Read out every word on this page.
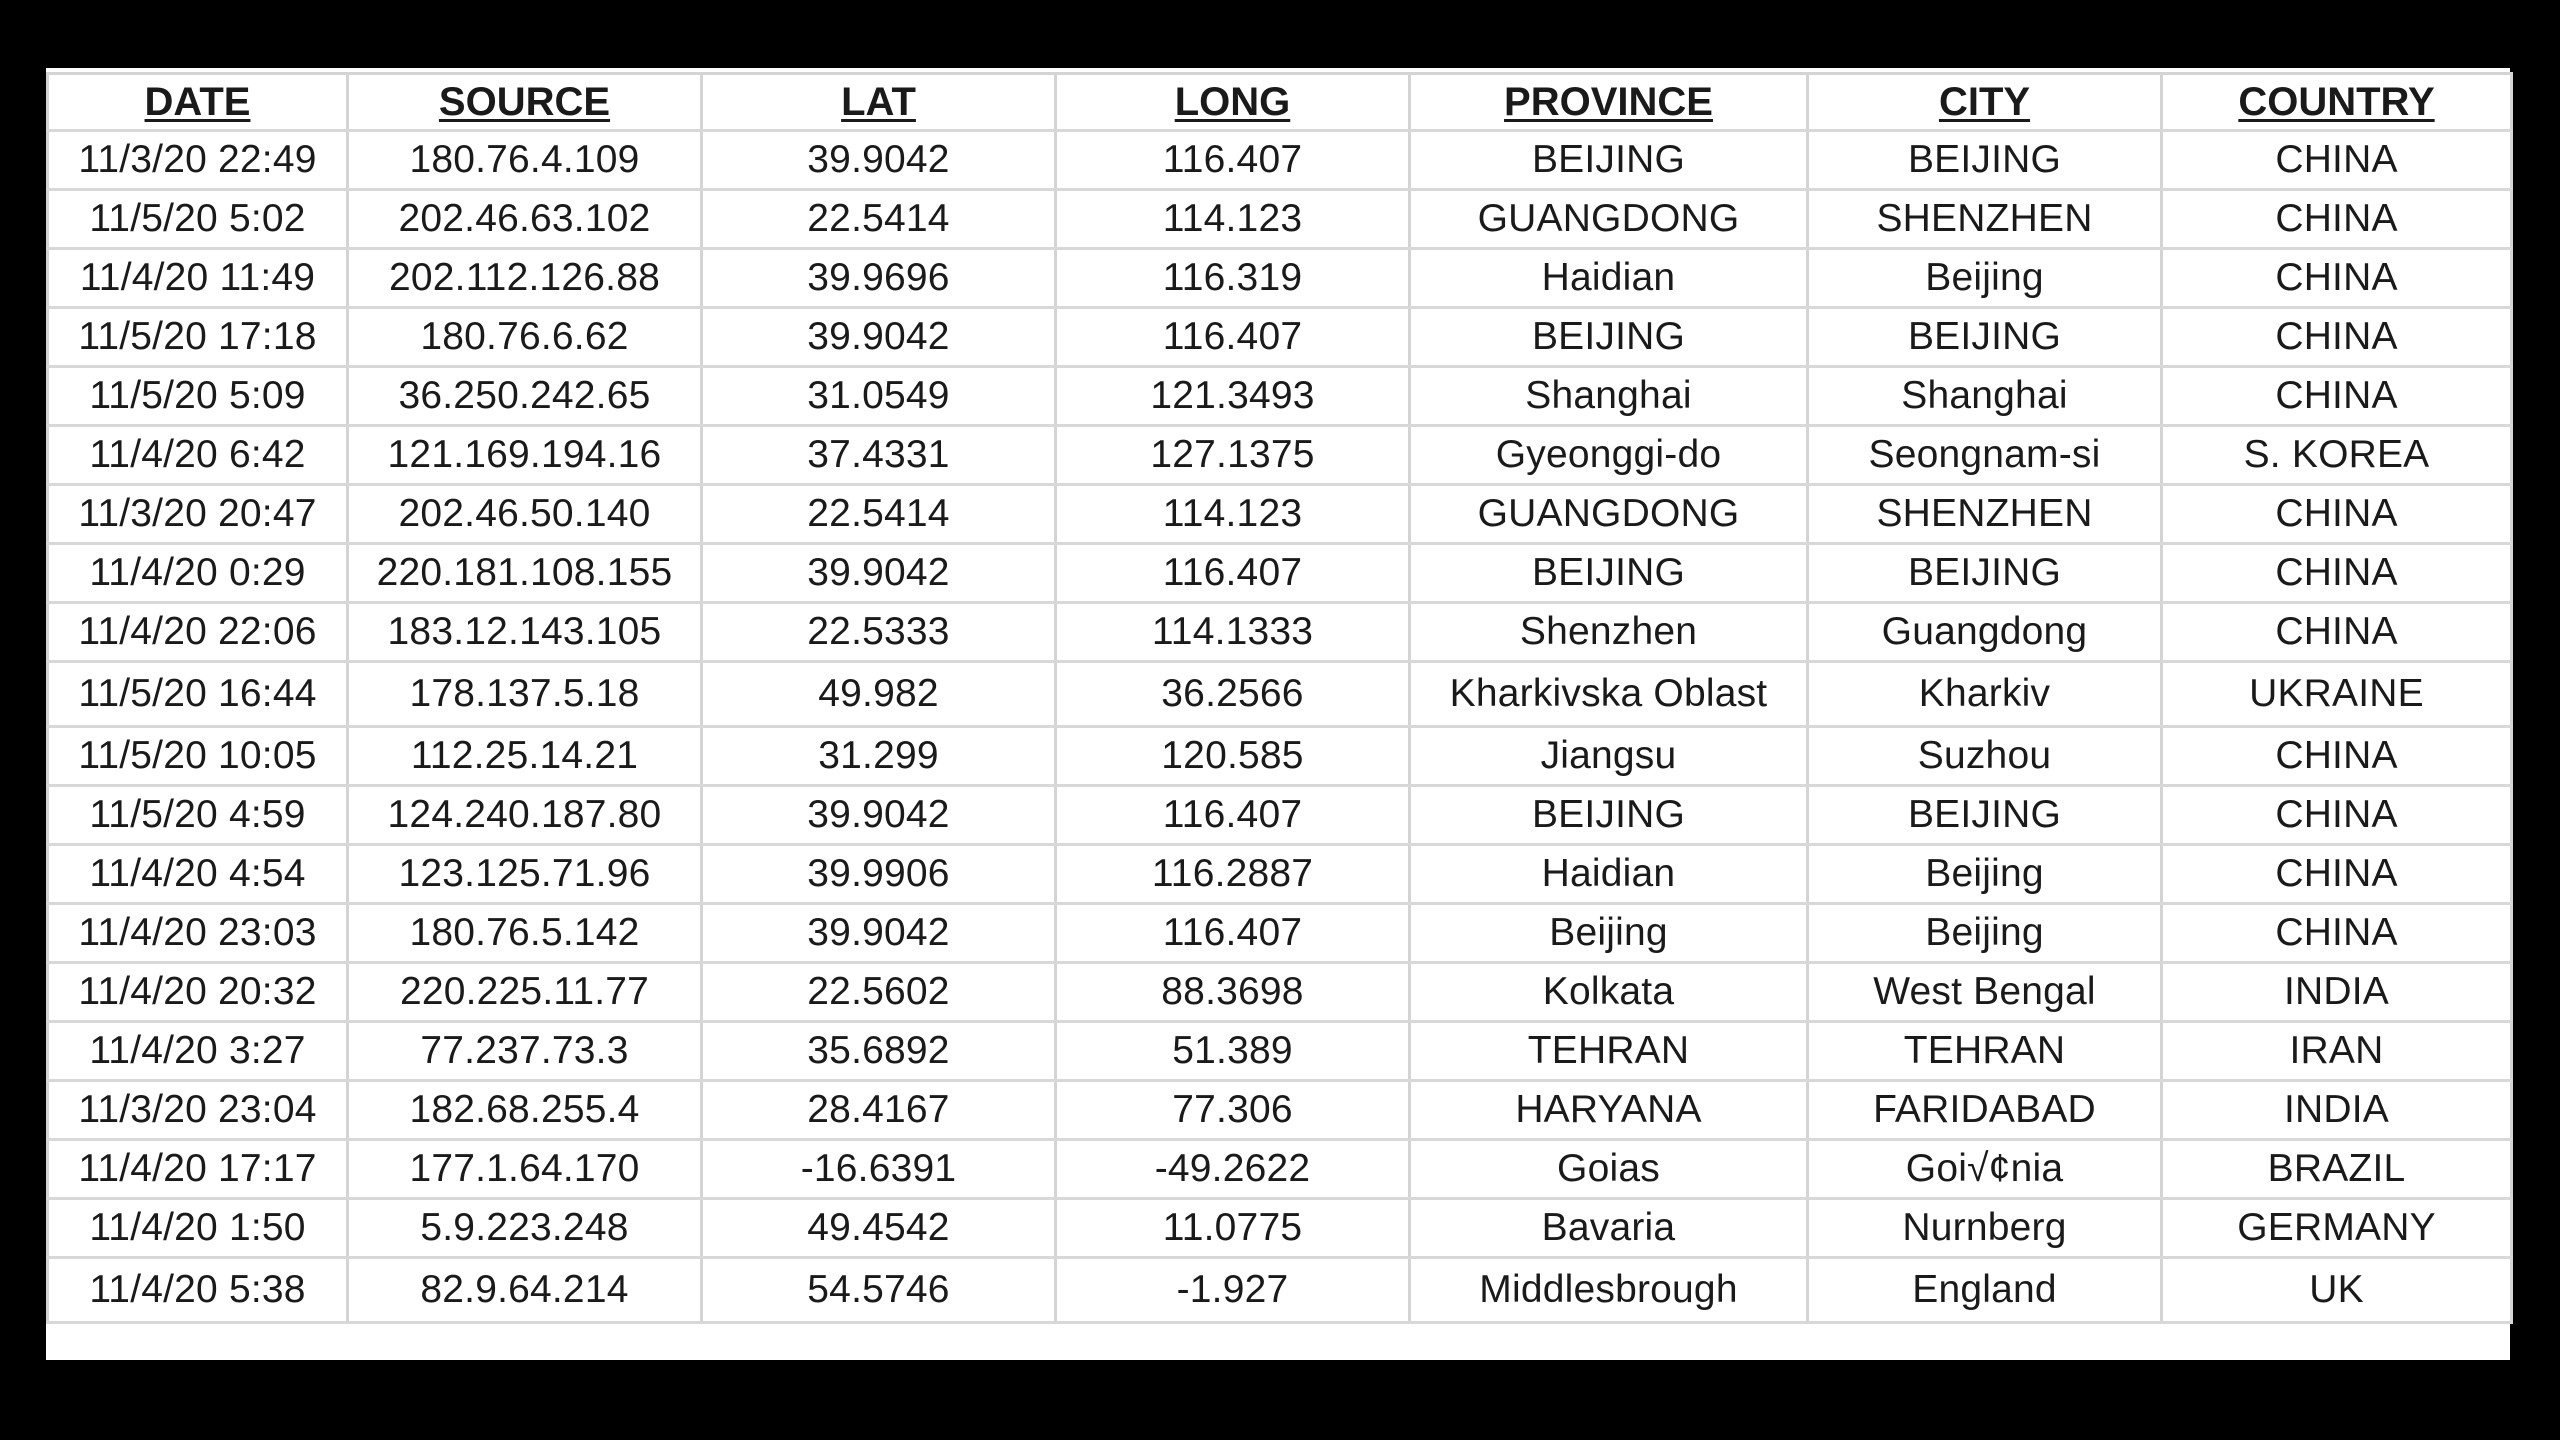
DATE	SOURCE	LAT	LONG	PROVINCE	CITY	COUNTRY
11/3/20 22:49	180.76.4.109	39.9042	116.407	BEIJING	BEIJING	CHINA
11/5/20 5:02	202.46.63.102	22.5414	114.123	GUANGDONG	SHENZHEN	CHINA
11/4/20 11:49	202.112.126.88	39.9696	116.319	Haidian	Beijing	CHINA
11/5/20 17:18	180.76.6.62	39.9042	116.407	BEIJING	BEIJING	CHINA
11/5/20 5:09	36.250.242.65	31.0549	121.3493	Shanghai	Shanghai	CHINA
11/4/20 6:42	121.169.194.16	37.4331	127.1375	Gyeonggi-do	Seongnam-si	S. KOREA
11/3/20 20:47	202.46.50.140	22.5414	114.123	GUANGDONG	SHENZHEN	CHINA
11/4/20 0:29	220.181.108.155	39.9042	116.407	BEIJING	BEIJING	CHINA
11/4/20 22:06	183.12.143.105	22.5333	114.1333	Shenzhen	Guangdong	CHINA
11/5/20 16:44	178.137.5.18	49.982	36.2566	Kharkivska Oblast	Kharkiv	UKRAINE
11/5/20 10:05	112.25.14.21	31.299	120.585	Jiangsu	Suzhou	CHINA
11/5/20 4:59	124.240.187.80	39.9042	116.407	BEIJING	BEIJING	CHINA
11/4/20 4:54	123.125.71.96	39.9906	116.2887	Haidian	Beijing	CHINA
11/4/20 23:03	180.76.5.142	39.9042	116.407	Beijing	Beijing	CHINA
11/4/20 20:32	220.225.11.77	22.5602	88.3698	Kolkata	West Bengal	INDIA
11/4/20 3:27	77.237.73.3	35.6892	51.389	TEHRAN	TEHRAN	IRAN
11/3/20 23:04	182.68.255.4	28.4167	77.306	HARYANA	FARIDABAD	INDIA
11/4/20 17:17	177.1.64.170	-16.6391	-49.2622	Goias	Goi√¢nia	BRAZIL
11/4/20 1:50	5.9.223.248	49.4542	11.0775	Bavaria	Nurnberg	GERMANY
11/4/20 5:38	82.9.64.214	54.5746	-1.927	Middlesbrough	England	UK
